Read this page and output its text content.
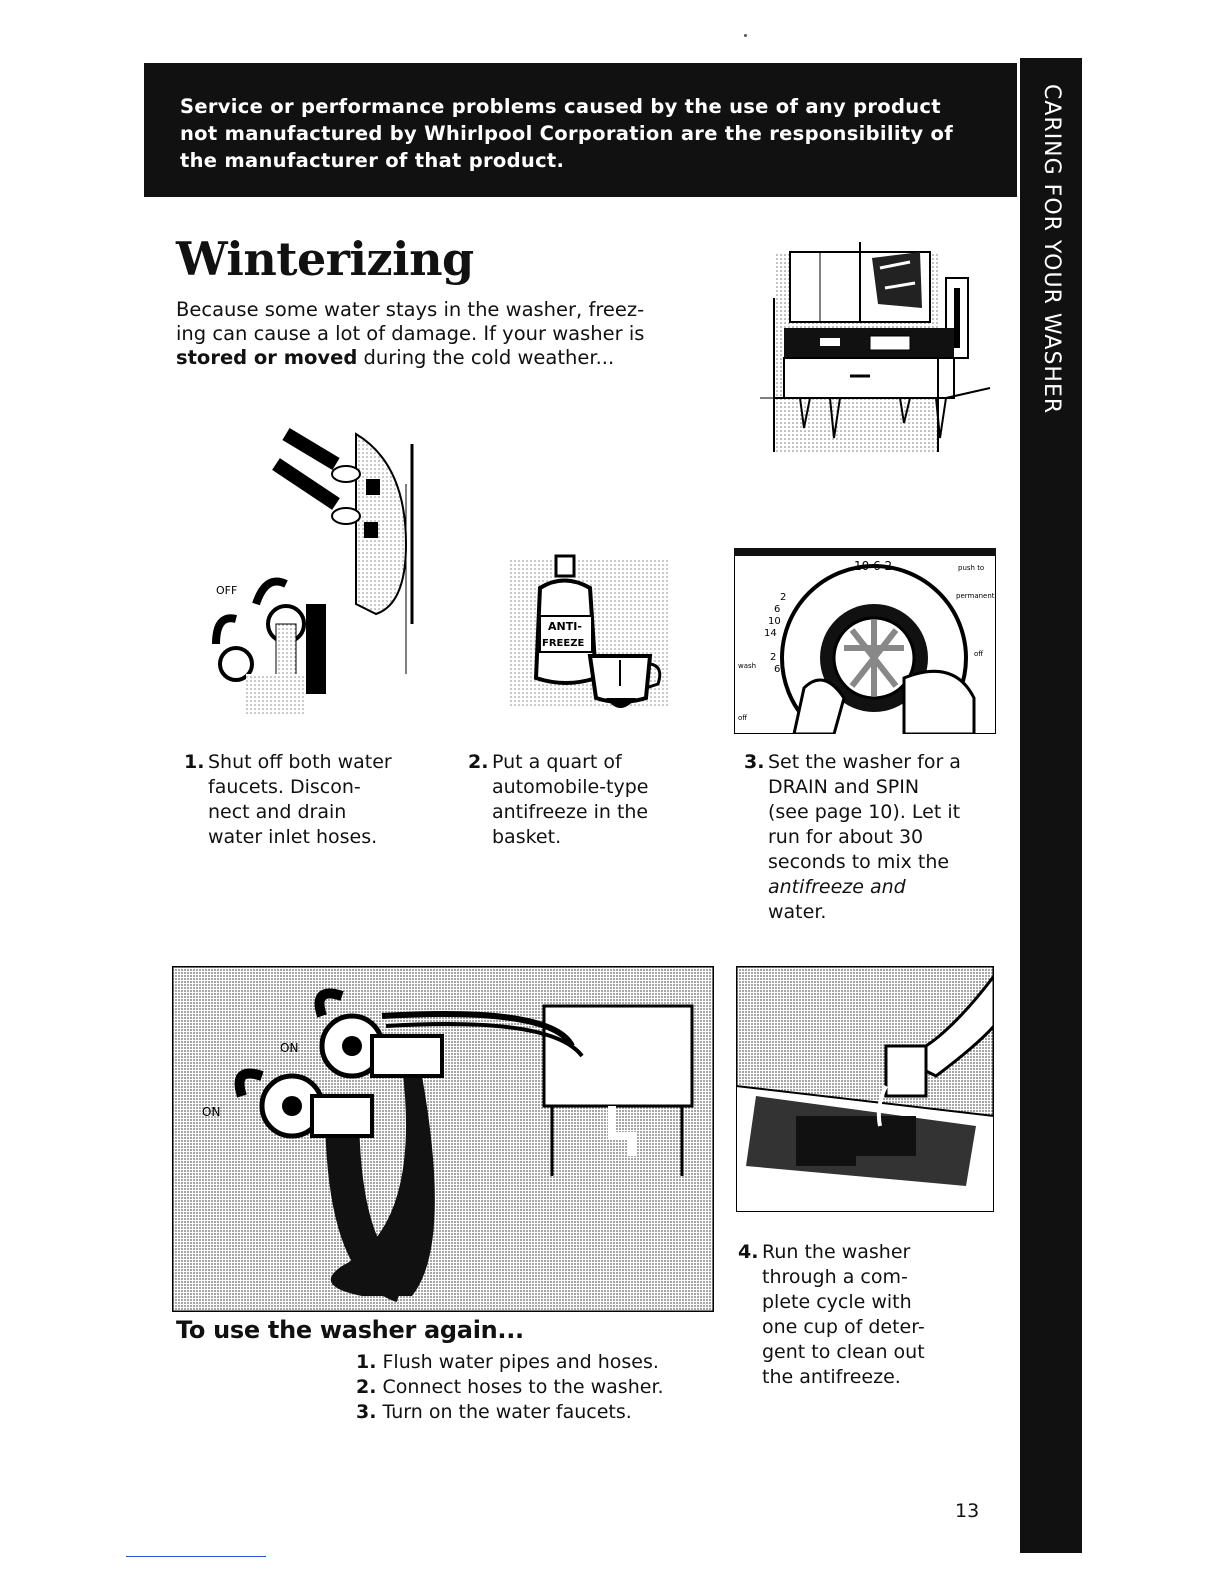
Service or performance problems caused by the use of any product
not manufactured by Whirlpool Corporation are the responsibility of
the manufacturer of that product.	CARING FOR YOUR WASHER
Winterizing
Because some water stays in the washer, freez-
ing can cause a lot of damage. If your washer is
stored or moved during the cold weather...
OFF
ANTI-
FREEZE
10 6 2
2
6
10
14
2
6
push to
permanent
off
wash
off
1. Shut off both water
faucets. Discon-
nect and drain
water inlet hoses.
2. Put a quart of
automobile-type
antifreeze in the
basket.
3. Set the washer for a
DRAIN and SPIN
(see page 10). Let it
run for about 30
seconds to mix the
antifreeze and
water.
ON
ON
4. Run the washer
through a com-
plete cycle with
one cup of deter-
gent to clean out
the antifreeze.
To use the washer again...
1. Flush water pipes and hoses.
2. Connect hoses to the washer.
3. Turn on the water faucets.
13
